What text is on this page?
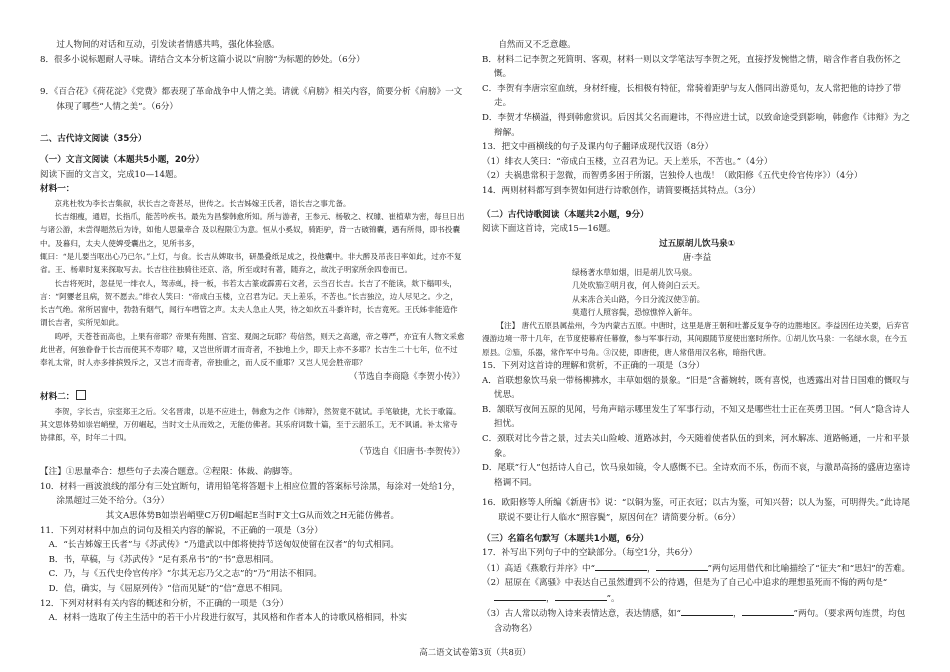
过人物间的对话和互动，引发读者情感共鸣，强化体验感。
8．很多小说标题耐人寻味。请结合文本分析这篇小说以“肩膀”为标题的妙处。（6分）
9．《百合花》《荷花淀》《党费》都表现了革命战争中人情之美。请就《肩膀》相关内容，简要分析《肩膀》一文体现了哪些“人情之美”。（6分）
二、古代诗文阅读（35分）
（一）文言文阅读（本题共5小题，20分）
阅读下面的文言文，完成10—14题。
材料一：
京兆杜牧为李长吉集叙，状长吉之奇甚尽，世传之。长吉姊嫁王氏者，语长吉之事尤备。
长吉细瘦，通眉，长指爪，能苦吟疾书。最先为昌黎韩愈所知。所与游者，王参元、杨敬之、权璩、崔植辈为密，每旦日出与诸公游，未尝得题然后为诗，如他人思量牵合 及以程限①为意。恒从小奚奴，骑距驴，背一古破锦囊，遇有所得，即书投囊中。及暮归，太夫人使婢受囊出之，见所书多，
辄曰：“是儿要当呕出心乃已尔。”上灯，与食。长吉从婢取书，研墨叠纸足成之，投他囊中。非大醉及吊丧日率如此，过亦不复省。王、杨辈时复来探取写去。长吉往往独骑往还京、洛，所至或时有著，随弃之，故沈子明家所余四卷而已。
长吉将死时，忽昼见一绯衣人，驾赤虬，持一板，书若太古篆或霹雳石文者，云当召长吉。长吉了不能读，欻下榻叩头，言：“阿㜷老且病，贺不愿去。”绯衣人笑曰：“帝成白玉楼，立召君为记。天上差乐，不苦也。”长吉独泣，边人尽见之。少之，长吉气绝。常所居窗中，勃勃有烟气，闻行车嘒管之声。太夫人急止人哭，待之如炊五斗黍许时，长吉竟死。王氏姊非能造作谓长吉者，实所见如此。
呜呼，天苍苍而高也，上果有帝耶？帝果有苑囿、宫室、观阁之玩耶？苟信然，则天之高邈，帝之尊严，亦宜有人物文采愈此世者，何独眷眷于长吉而使其不寿耶？噫，又岂世所谓才而奇者，不独地上少，即天上亦不多耶？长吉生二十七年，位不过奉礼太常，时人亦多排摈毁斥之，又岂才而奇者，帝独重之，而人反不重耶？又岂人见会胜帝耶？
（节选自李商隐《李贺小传》）
材料二：
李贺，字长吉，宗室郑王之后。父名晋肃，以是不应进士，韩愈为之作《讳辩》，然贺竟不就试。手笔敏捷，尤长于歌篇。其文思体势如崇岩峭壁，万仞崛起，当时文士从而效之，无能仿佛者。其乐府词数十篇，至于云韶乐工，无不讽诵。补太常寺协律郎，卒，时年二十四。
（节选自《旧唐书·李贺传》）
【注】①思量牵合：想些句子去凑合题意。②程限：体裁、韵脚等。
10．材料一画波浪线的部分有三处宜断句，请用铅笔将答题卡上相应位置的答案标号涂黑，每涂对一处给1分，涂黑超过三处不给分。（3分）
其文A思体势B如崇岩峭壁C万仞D崛起E当时F文士G从而效之H无能仿佛者。
11．下列对材料中加点的词句及相关内容的解说，不正确的一项是（3分）
　A．“长吉姊嫁王氏者”与《苏武传》“乃遣武以中郎将使持节送匈奴使留在汉者”的句式相同。
　B．书，草稿，与《苏武传》“足有系帛书”的“书”意思相同。
　C．乃，与《五代史伶官传序》“尔其无忘乃父之志”的“乃”用法不相同。
　D．信，确实，与《屈原列传》“信而见疑”的“信”意思不相同。
12．下列对材料有关内容的概述和分析，不正确的一项是（3分）
　A．材料一选取了传主生活中的若干小片段进行叙写，其风格和作者本人的诗歌风格相同，朴实
自然而又不乏意趣。
B．材料二记李贺之死简明、客观，材料一则以文学笔法写李贺之死，直接抒发惋惜之情，暗含作者自我伤怀之慨。
C．李贺有李唐宗室血统，身材纤瘦，长相极有特征，常骑着距驴与友人偕同出游觅句，友人常把他的诗抄了带走。
D．李贺才华横溢，得到韩愈赏识。后因其父名而避讳，不得应进士试，以致命途受到影响，韩愈作《讳辩》为之辩解。
13．把文中画横线的句子及课内句子翻译成现代汉语（8分）
（1）绯衣人笑曰：“帝成白玉楼，立召君为记。天上差乐，不苦也。”（4分）
（2）夫祸患常积于忽微，而智勇多困于所溺，岂独伶人也哉！（欧阳修《五代史伶官传序》）（4分）
14．两则材料都写到李贺如何进行诗歌创作，请简要概括其特点。（3分）
（二）古代诗歌阅读（本题共2小题，9分）
阅读下面这首诗，完成15—16题。
过五原胡儿饮马泉①
唐·李益
绿杨著水草如烟，旧是胡儿饮马泉。
几处吹笳②明月夜，何人倚剑白云天。
从来冻合关山路，今日分流汉使③前。
莫遣行人照容鬓，恐惊憔悴入新年。
【注】 唐代五原县属盐州，今为内蒙古五原。中唐时，这里是唐王朝和吐蕃反复争夺的边塍地区。李益因任边关要，后弃官漫游边境一带十几年，在节度使幕府任幕僚，参与军事行动，其间跟随节度使出塞时所作。①胡儿饮马泉：一名绿水泉，在今五原县。②笳，乐器，常作军中号角。③汉使，即唐使，唐人常借用汉名称，暗指代唐。
15．下列对这首诗的理解和赏析，不正确的一项是（3分）
A．首联想象饮马泉一带杨柳拂水，丰草如烟的景象。“旧是”含蓄婉转，既有喜悦，也透露出对昔日国难的慨叹与忧思。
B．颔联写夜间五原的见闻，号角声暗示哪里发生了军事行动，不知又是哪些壮士正在英勇卫国。“何人”隐含诗人担忧。
C．颈联对比今昔之景，过去关山险峻、道路冰封，今天随着使者队伍的到来，河水解冻、道路畅通，一片和平景象。
D．尾联“行人”包括诗人自己，饮马泉如镜，令人感慨不已。全诗欢而不乐，伤而不哀，与激昂高扬的盛唐边塞诗格调不同。
16．欧阳修等人所编《新唐书》说：“以铜为鉴，可正衣冠；以古为鉴，可知兴替；以人为鉴，可明得失。”此诗尾联说不要让行人临水“照容鬓”，原因何在？请简要分析。（6分）
（三）名篇名句默写（本题共1小题，6分）
17．补写出下列句子中的空缺部分。（每空1分，共6分）
（1）高适《燕歌行并序》中“	，	”两句运用借代和比喻描绘了“征夫”和“思妇”的苦难。
（2）屈原在《离骚》中表达自己虽然遭到不公的待遇，但是为了自己心中追求的理想虽死而不悔的两句是“，	”。
（3）古人常以动物入诗来表情达意，表达情感，如“	，	”两句。（要求两句连贯，均包含动物名）
高二语文试卷第3页（共8页）
